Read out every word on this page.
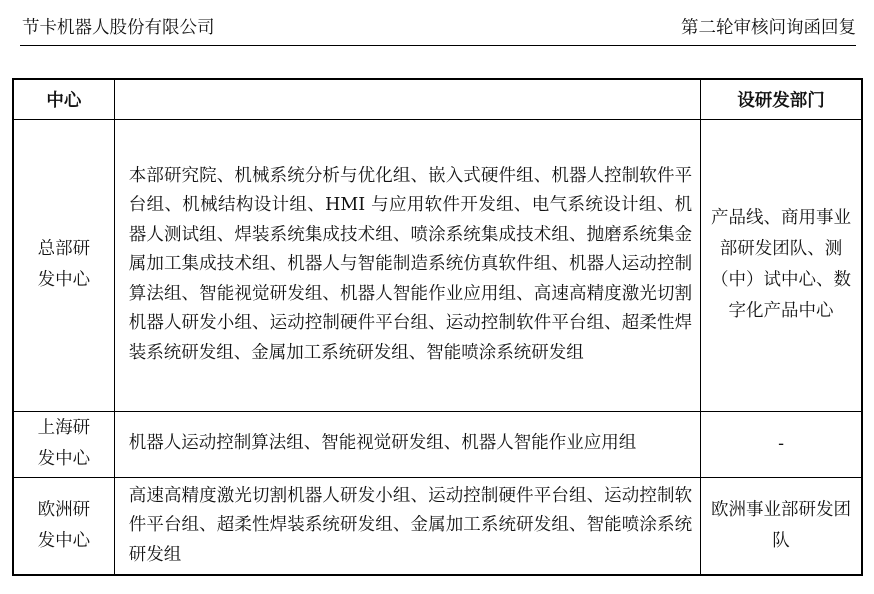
节卡机器人股份有限公司	第二轮审核问询函回复
中心		设研发部门

总部研
发中心	本部研究院、机械系统分析与优化组、嵌入式硬件组、机器人控制软件平台组、机械结构设计组、HMI 与应用软件开发组、电气系统设计组、机器人测试组、焊装系统集成技术组、喷涂系统集成技术组、抛磨系统集金属加工集成技术组、机器人与智能制造系统仿真软件组、机器人运动控制算法组、智能视觉研发组、机器人智能作业应用组、高速高精度激光切割机器人研发小组、运动控制硬件平台组、运动控制软件平台组、超柔性焊装系统研发组、金属加工系统研发组、智能喷涂系统研发组	产品线、商用事业部研发团队、测（中）试中心、数字化产品中心

上海研
发中心	机器人运动控制算法组、智能视觉研发组、机器人智能作业应用组	-

欧洲研
发中心	高速高精度激光切割机器人研发小组、运动控制硬件平台组、运动控制软件平台组、超柔性焊装系统研发组、金属加工系统研发组、智能喷涂系统研发组	欧洲事业部研发团队
